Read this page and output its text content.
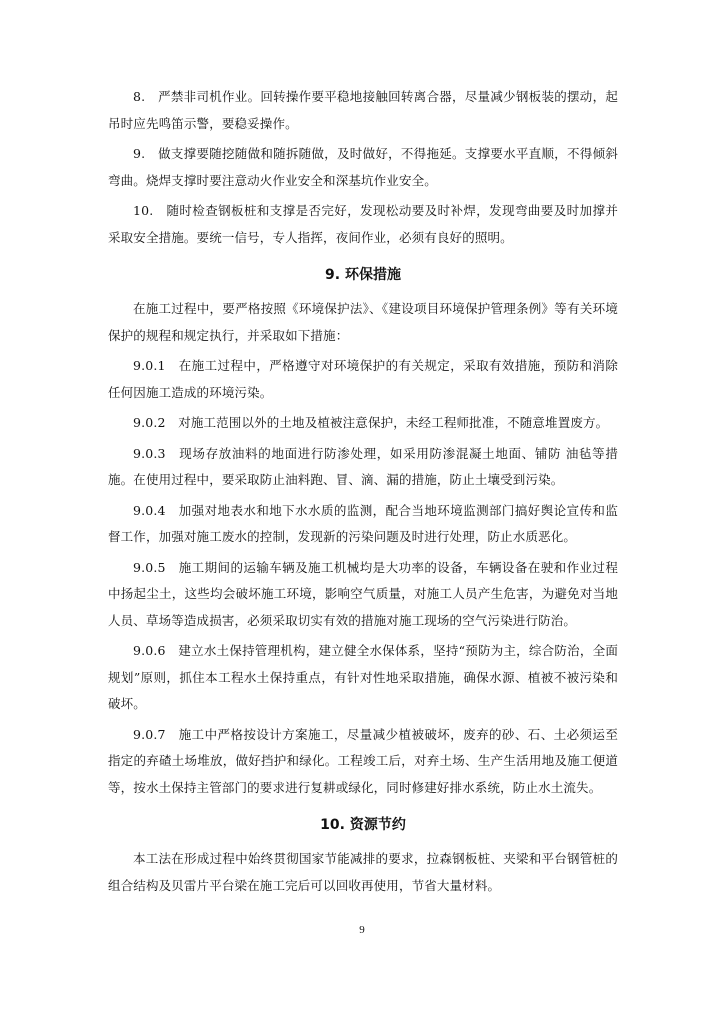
8.　严禁非司机作业。回转操作要平稳地接触回转离合器，尽量减少钢板装的摆动，起吊时应先鸣笛示警，要稳妥操作。

9.　做支撑要随挖随做和随拆随做，及时做好，不得拖延。支撑要水平直顺，不得倾斜弯曲。烧焊支撑时要注意动火作业安全和深基坑作业安全。

10.　随时检查钢板桩和支撑是否完好，发现松动要及时补焊，发现弯曲要及时加撑并采取安全措施。要统一信号，专人指挥，夜间作业，必须有良好的照明。

9. 环保措施

在施工过程中，要严格按照《环境保护法》、《建设项目环境保护管理条例》等有关环境保护的规程和规定执行，并采取如下措施：

9.0.1　在施工过程中，严格遵守对环境保护的有关规定，采取有效措施，预防和消除任何因施工造成的环境污染。

9.0.2　对施工范围以外的土地及植被注意保护，未经工程师批准，不随意堆置废方。

9.0.3　现场存放油料的地面进行防渗处理，如采用防渗混凝土地面、铺防 油毡等措施。在使用过程中，要采取防止油料跑、冒、滴、漏的措施，防止土壤受到污染。

9.0.4　加强对地表水和地下水水质的监测，配合当地环境监测部门搞好舆论宣传和监督工作，加强对施工废水的控制，发现新的污染问题及时进行处理，防止水质恶化。

9.0.5　施工期间的运输车辆及施工机械均是大功率的设备，车辆设备在驶和作业过程中扬起尘土，这些均会破坏施工环境，影响空气质量，对施工人员产生危害，为避免对当地人员、草场等造成损害，必须采取切实有效的措施对施工现场的空气污染进行防治。

9.0.6　建立水土保持管理机构，建立健全水保体系，坚持“预防为主，综合防治，全面规划”原则，抓住本工程水土保持重点，有针对性地采取措施，确保水源、植被不被污染和破坏。

9.0.7　施工中严格按设计方案施工，尽量减少植被破坏，废弃的砂、石、土必须运至指定的弃碴土场堆放，做好挡护和绿化。工程竣工后，对弃土场、生产生活用地及施工便道等，按水土保持主管部门的要求进行复耕或绿化，同时修建好排水系统，防止水土流失。

10. 资源节约

本工法在形成过程中始终贯彻国家节能减排的要求，拉森钢板桩、夹梁和平台钢管桩的组合结构及贝雷片平台梁在施工完后可以回收再使用，节省大量材料。

9
